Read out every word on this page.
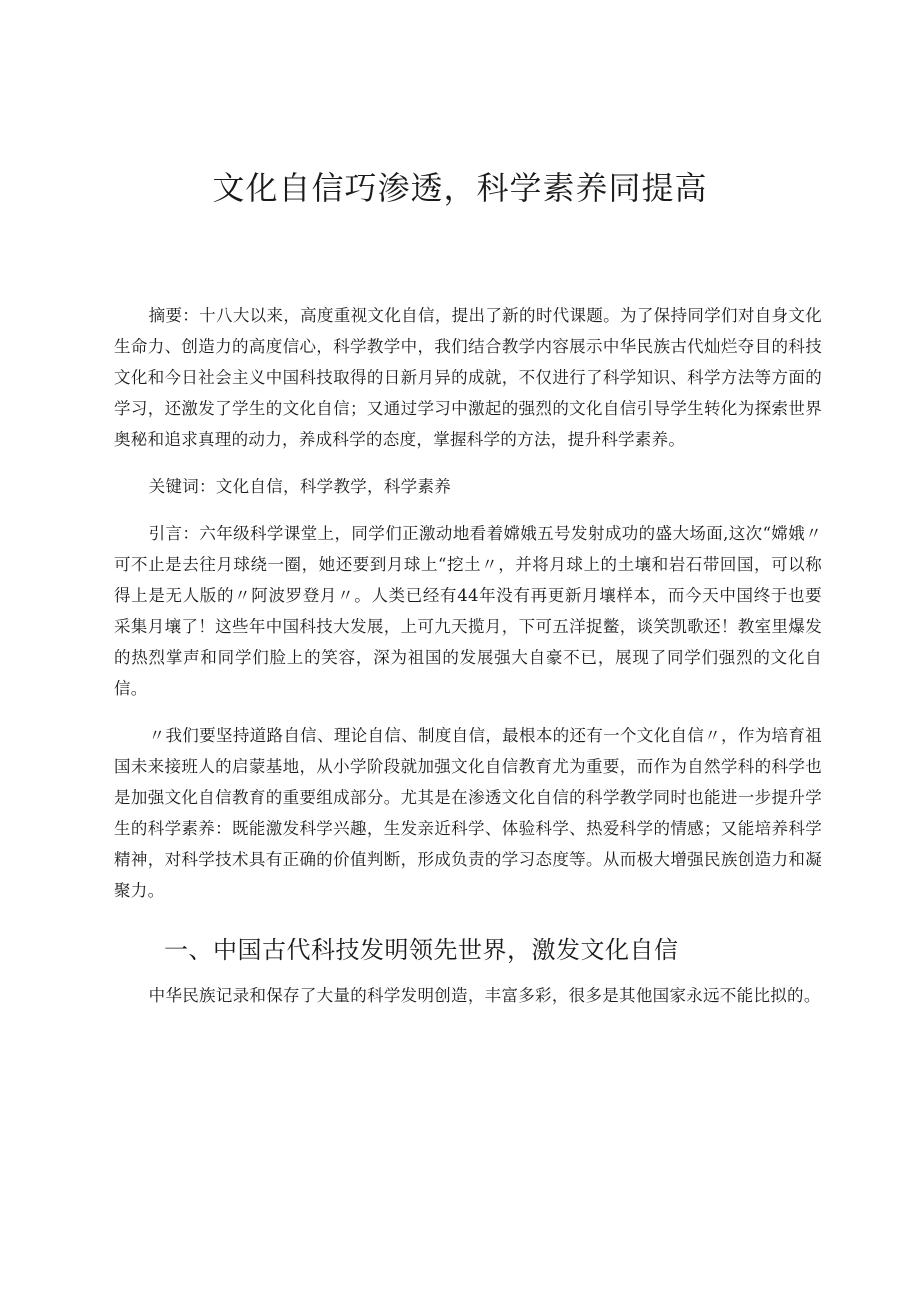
文化自信巧渗透，科学素养同提高

摘要：十八大以来，高度重视文化自信，提出了新的时代课题。为了保持同学们对自身文化生命力、创造力的高度信心，科学教学中，我们结合教学内容展示中华民族古代灿烂夺目的科技文化和今日社会主义中国科技取得的日新月异的成就，不仅进行了科学知识、科学方法等方面的学习，还激发了学生的文化自信；又通过学习中激起的强烈的文化自信引导学生转化为探索世界奥秘和追求真理的动力，养成科学的态度，掌握科学的方法，提升科学素养。

关键词：文化自信，科学教学，科学素养

引言：六年级科学课堂上，同学们正激动地看着嫦娥五号发射成功的盛大场面,这次“嫦娥〃可不止是去往月球绕一圈，她还要到月球上“挖土〃，并将月球上的土壤和岩石带回国，可以称得上是无人版的〃阿波罗登月〃。人类已经有44年没有再更新月壤样本，而今天中国终于也要采集月壤了！这些年中国科技大发展，上可九天揽月，下可五洋捉鳖，谈笑凯歌还！教室里爆发的热烈掌声和同学们脸上的笑容，深为祖国的发展强大自豪不已，展现了同学们强烈的文化自信。

〃我们要坚持道路自信、理论自信、制度自信，最根本的还有一个文化自信〃，作为培育祖国未来接班人的启蒙基地，从小学阶段就加强文化自信教育尤为重要，而作为自然学科的科学也是加强文化自信教育的重要组成部分。尤其是在渗透文化自信的科学教学同时也能进一步提升学生的科学素养：既能激发科学兴趣，生发亲近科学、体验科学、热爱科学的情感；又能培养科学精神，对科学技术具有正确的价值判断，形成负责的学习态度等。从而极大增强民族创造力和凝聚力。

一、中国古代科技发明领先世界，激发文化自信

中华民族记录和保存了大量的科学发明创造，丰富多彩，很多是其他国家永远不能比拟的。
